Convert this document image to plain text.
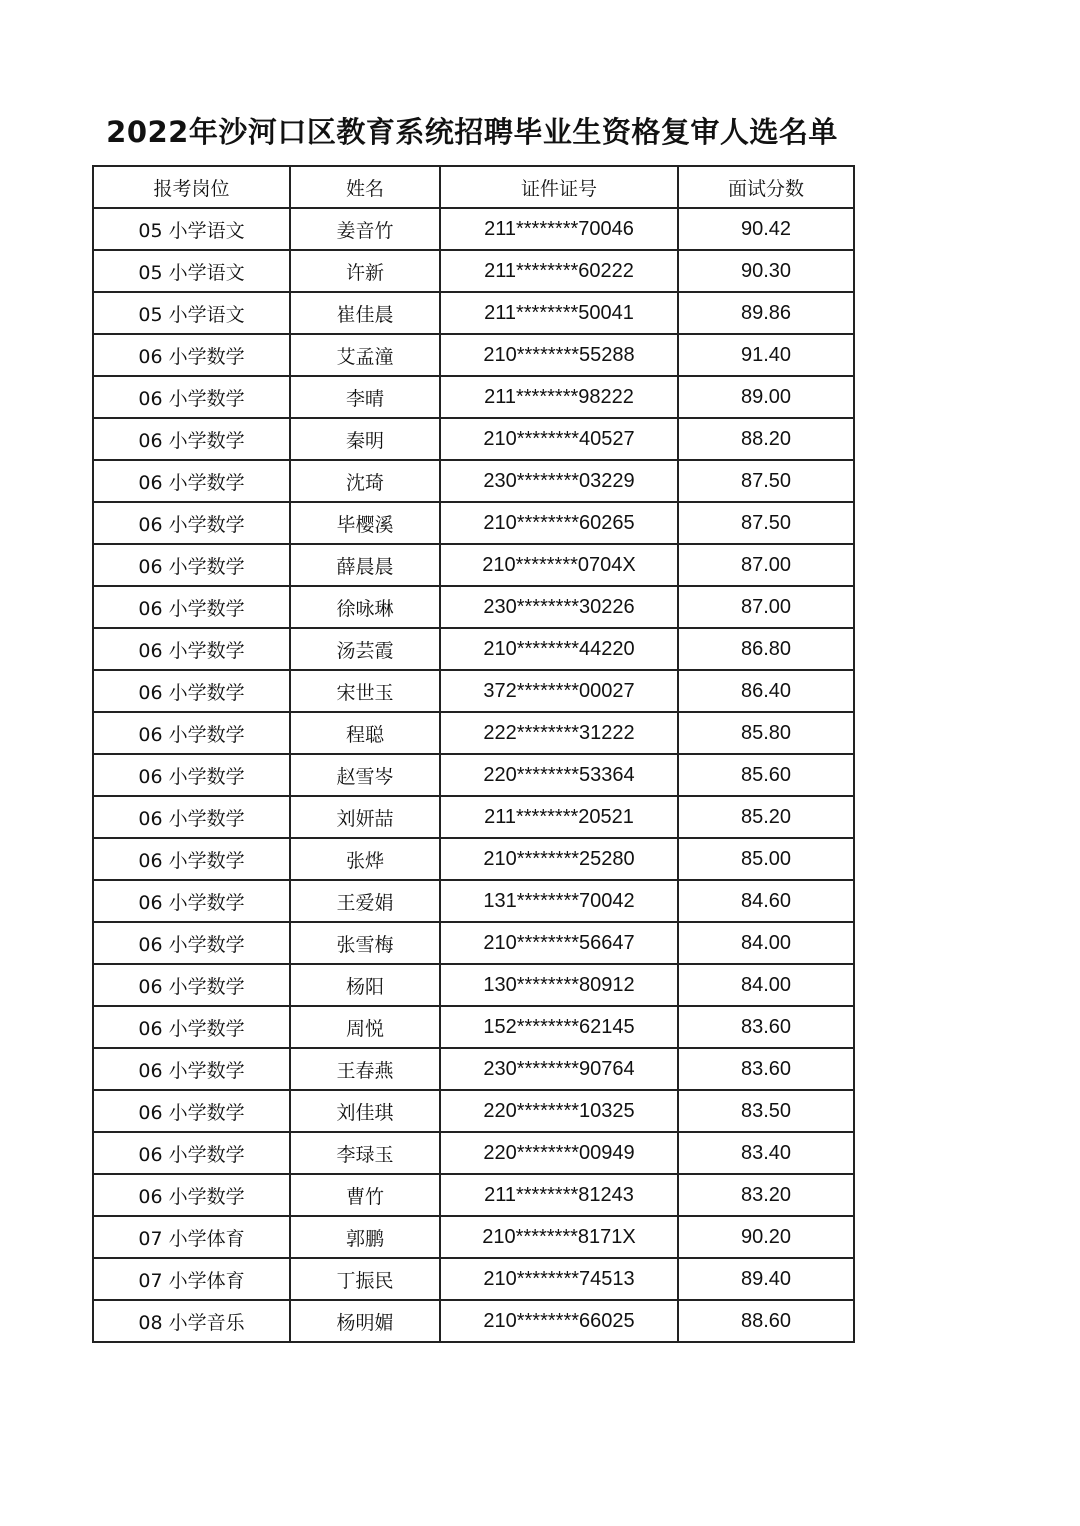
2022年沙河口区教育系统招聘毕业生资格复审人选名单
报考岗位	姓名	证件证号	面试分数
05 小学语文	姜音竹	211********70046	90.42
05 小学语文	许新	211********60222	90.30
05 小学语文	崔佳晨	211********50041	89.86
06 小学数学	艾孟潼	210********55288	91.40
06 小学数学	李晴	211********98222	89.00
06 小学数学	秦明	210********40527	88.20
06 小学数学	沈琦	230********03229	87.50
06 小学数学	毕樱溪	210********60265	87.50
06 小学数学	薛晨晨	210********0704X	87.00
06 小学数学	徐咏琳	230********30226	87.00
06 小学数学	汤芸霞	210********44220	86.80
06 小学数学	宋世玉	372********00027	86.40
06 小学数学	程聪	222********31222	85.80
06 小学数学	赵雪岑	220********53364	85.60
06 小学数学	刘妍喆	211********20521	85.20
06 小学数学	张烨	210********25280	85.00
06 小学数学	王爱娟	131********70042	84.60
06 小学数学	张雪梅	210********56647	84.00
06 小学数学	杨阳	130********80912	84.00
06 小学数学	周悦	152********62145	83.60
06 小学数学	王春燕	230********90764	83.60
06 小学数学	刘佳琪	220********10325	83.50
06 小学数学	李琭玉	220********00949	83.40
06 小学数学	曹竹	211********81243	83.20
07 小学体育	郭鹏	210********8171X	90.20
07 小学体育	丁振民	210********74513	89.40
08 小学音乐	杨明媚	210********66025	88.60
